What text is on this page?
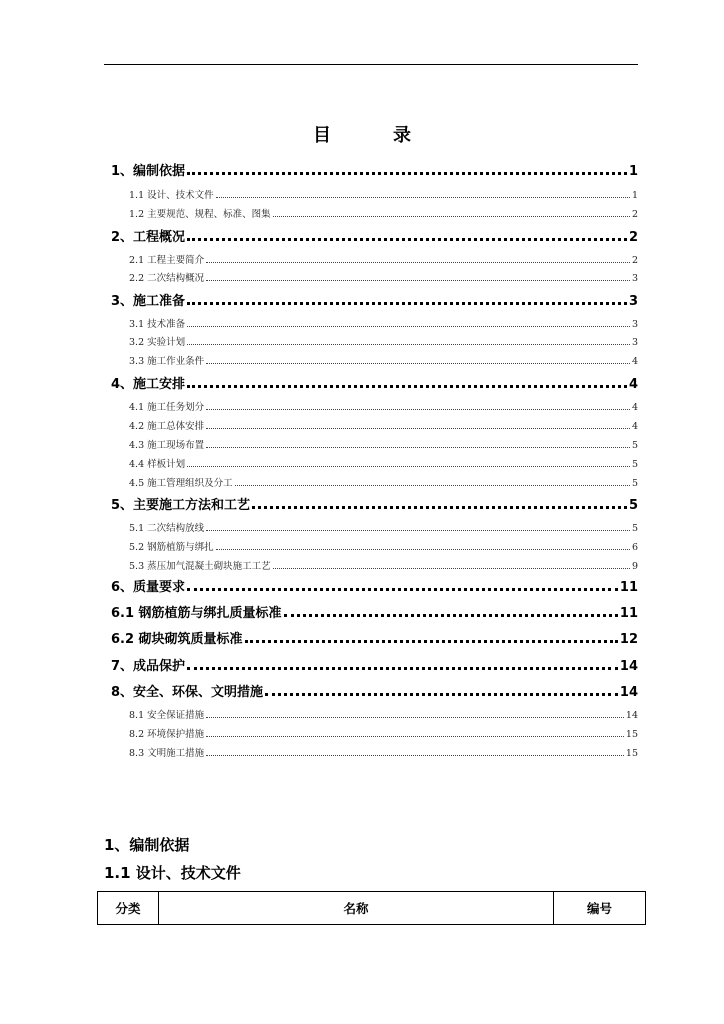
目	录
1、编制依据	1
1.1 设计、技术文件	1
1.2 主要规范、规程、标准、图集	2
2、工程概况	2
2.1 工程主要简介	2
2.2 二次结构概况	3
3、施工准备	3
3.1 技术准备	3
3.2 实验计划	3
3.3 施工作业条件	4
4、施工安排	4
4.1 施工任务划分	4
4.2 施工总体安排	4
4.3 施工现场布置	5
4.4 样板计划	5
4.5 施工管理组织及分工	5
5、主要施工方法和工艺	5
5.1 二次结构放线	5
5.2 钢筋植筋与绑扎	6
5.3 蒸压加气混凝土砌块施工工艺	9
6、质量要求	11
6.1 钢筋植筋与绑扎质量标准	11
6.2 砌块砌筑质量标准	12
7、成品保护	14
8、安全、环保、文明措施	14
8.1 安全保证措施	14
8.2 环境保护措施	15
8.3 文明施工措施	15
1、编制依据
1.1 设计、技术文件
分类	名称	编号
